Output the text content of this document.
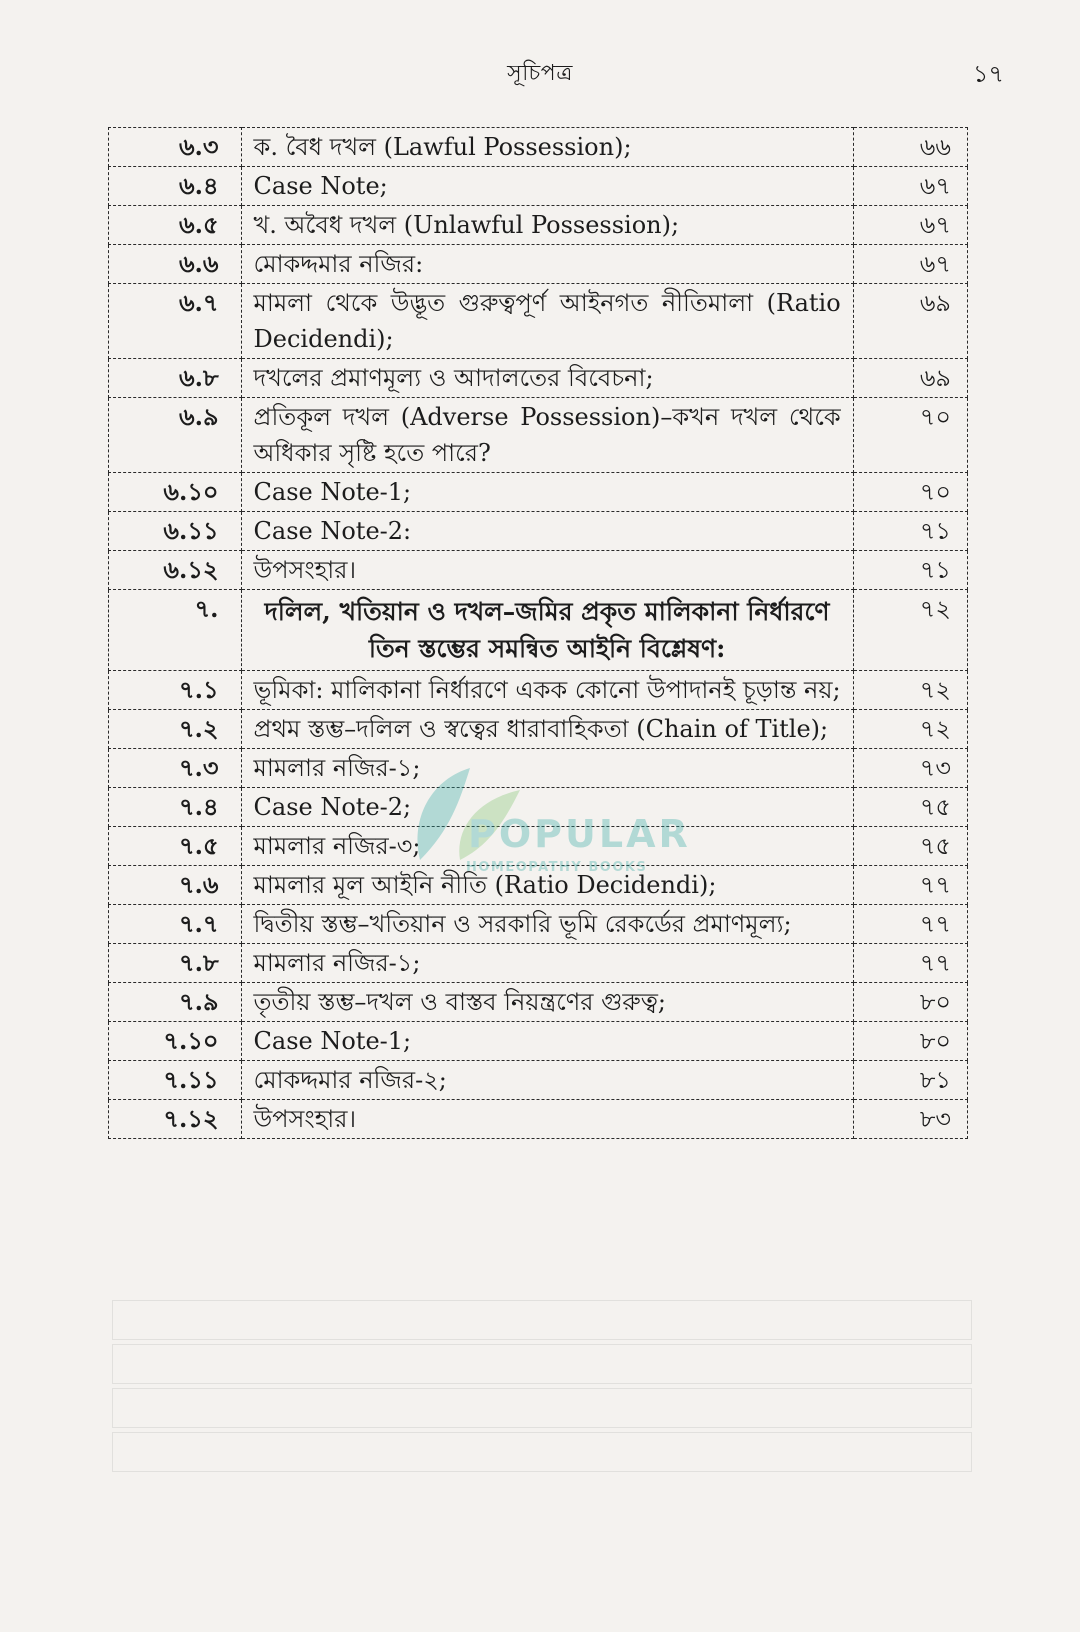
সূচিপত্র	১৭
৬.৩	ক. বৈধ দখল (Lawful Possession);	৬৬
৬.৪	Case Note;	৬৭
৬.৫	খ. অবৈধ দখল (Unlawful Possession);	৬৭
৬.৬	মোকদ্দমার নজির:	৬৭
৬.৭	মামলা থেকে উদ্ভূত গুরুত্বপূর্ণ আইনগত নীতিমালা (Ratio Decidendi);	৬৯
৬.৮	দখলের প্রমাণমূল্য ও আদালতের বিবেচনা;	৬৯
৬.৯	প্রতিকূল দখল (Adverse Possession)–কখন দখল থেকে অধিকার সৃষ্টি হতে পারে?	৭০
৬.১০	Case Note-1;	৭০
৬.১১	Case Note-2:	৭১
৬.১২	উপসংহার।	৭১
৭.	দলিল, খতিয়ান ও দখল–জমির প্রকৃত মালিকানা নির্ধারণে তিন স্তম্ভের সমন্বিত আইনি বিশ্লেষণ:	৭২
৭.১	ভূমিকা: মালিকানা নির্ধারণে একক কোনো উপাদানই চূড়ান্ত নয়;	৭২
৭.২	প্রথম স্তম্ভ–দলিল ও স্বত্বের ধারাবাহিকতা (Chain of Title);	৭২
৭.৩	মামলার নজির-১;	৭৩
৭.৪	Case Note-2;	৭৫
৭.৫	মামলার নজির-৩;	৭৫
৭.৬	মামলার মূল আইনি নীতি (Ratio Decidendi);	৭৭
৭.৭	দ্বিতীয় স্তম্ভ–খতিয়ান ও সরকারি ভূমি রেকর্ডের প্রমাণমূল্য;	৭৭
৭.৮	মামলার নজির-১;	৭৭
৭.৯	তৃতীয় স্তম্ভ–দখল ও বাস্তব নিয়ন্ত্রণের গুরুত্ব;	৮০
৭.১০	Case Note-1;	৮০
৭.১১	মোকদ্দমার নজির-২;	৮১
৭.১২	উপসংহার।	৮৩
POPULAR
HOMEOPATHY BOOKS
